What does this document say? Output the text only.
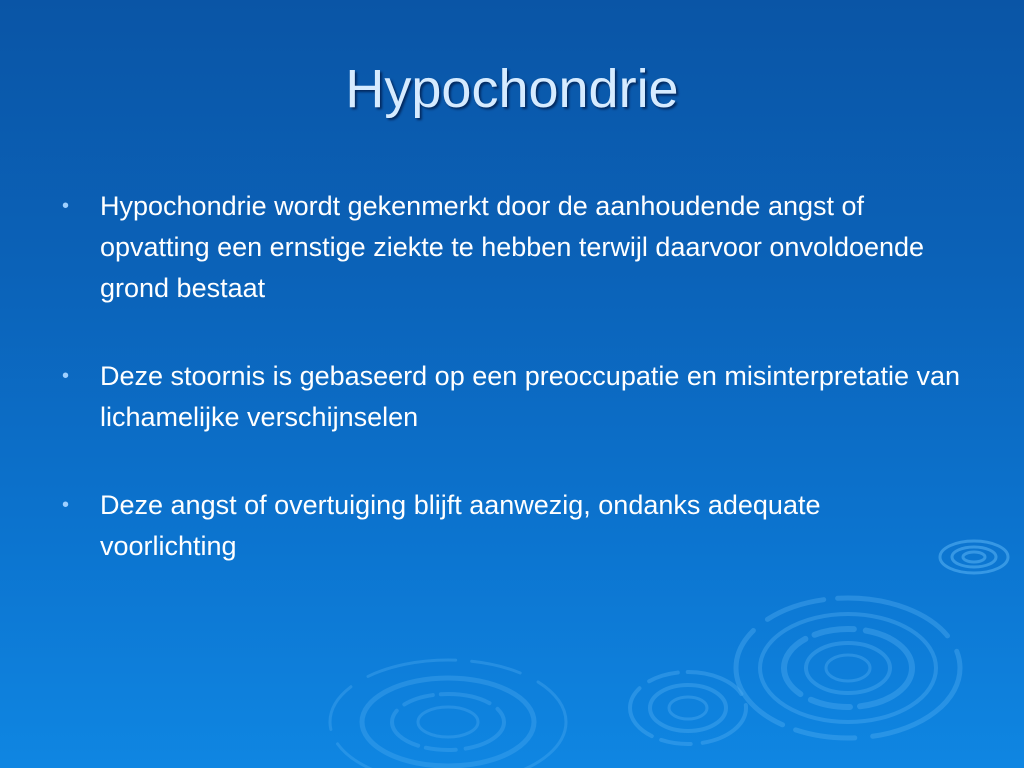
Hypochondrie
•	Hypochondrie wordt gekenmerkt door de aanhoudende angst of opvatting een ernstige ziekte te hebben terwijl daarvoor onvoldoende grond bestaat
•	Deze stoornis is gebaseerd op een preoccupatie en misinterpretatie van lichamelijke verschijnselen
•	Deze angst of overtuiging blijft aanwezig, ondanks adequate voorlichting
